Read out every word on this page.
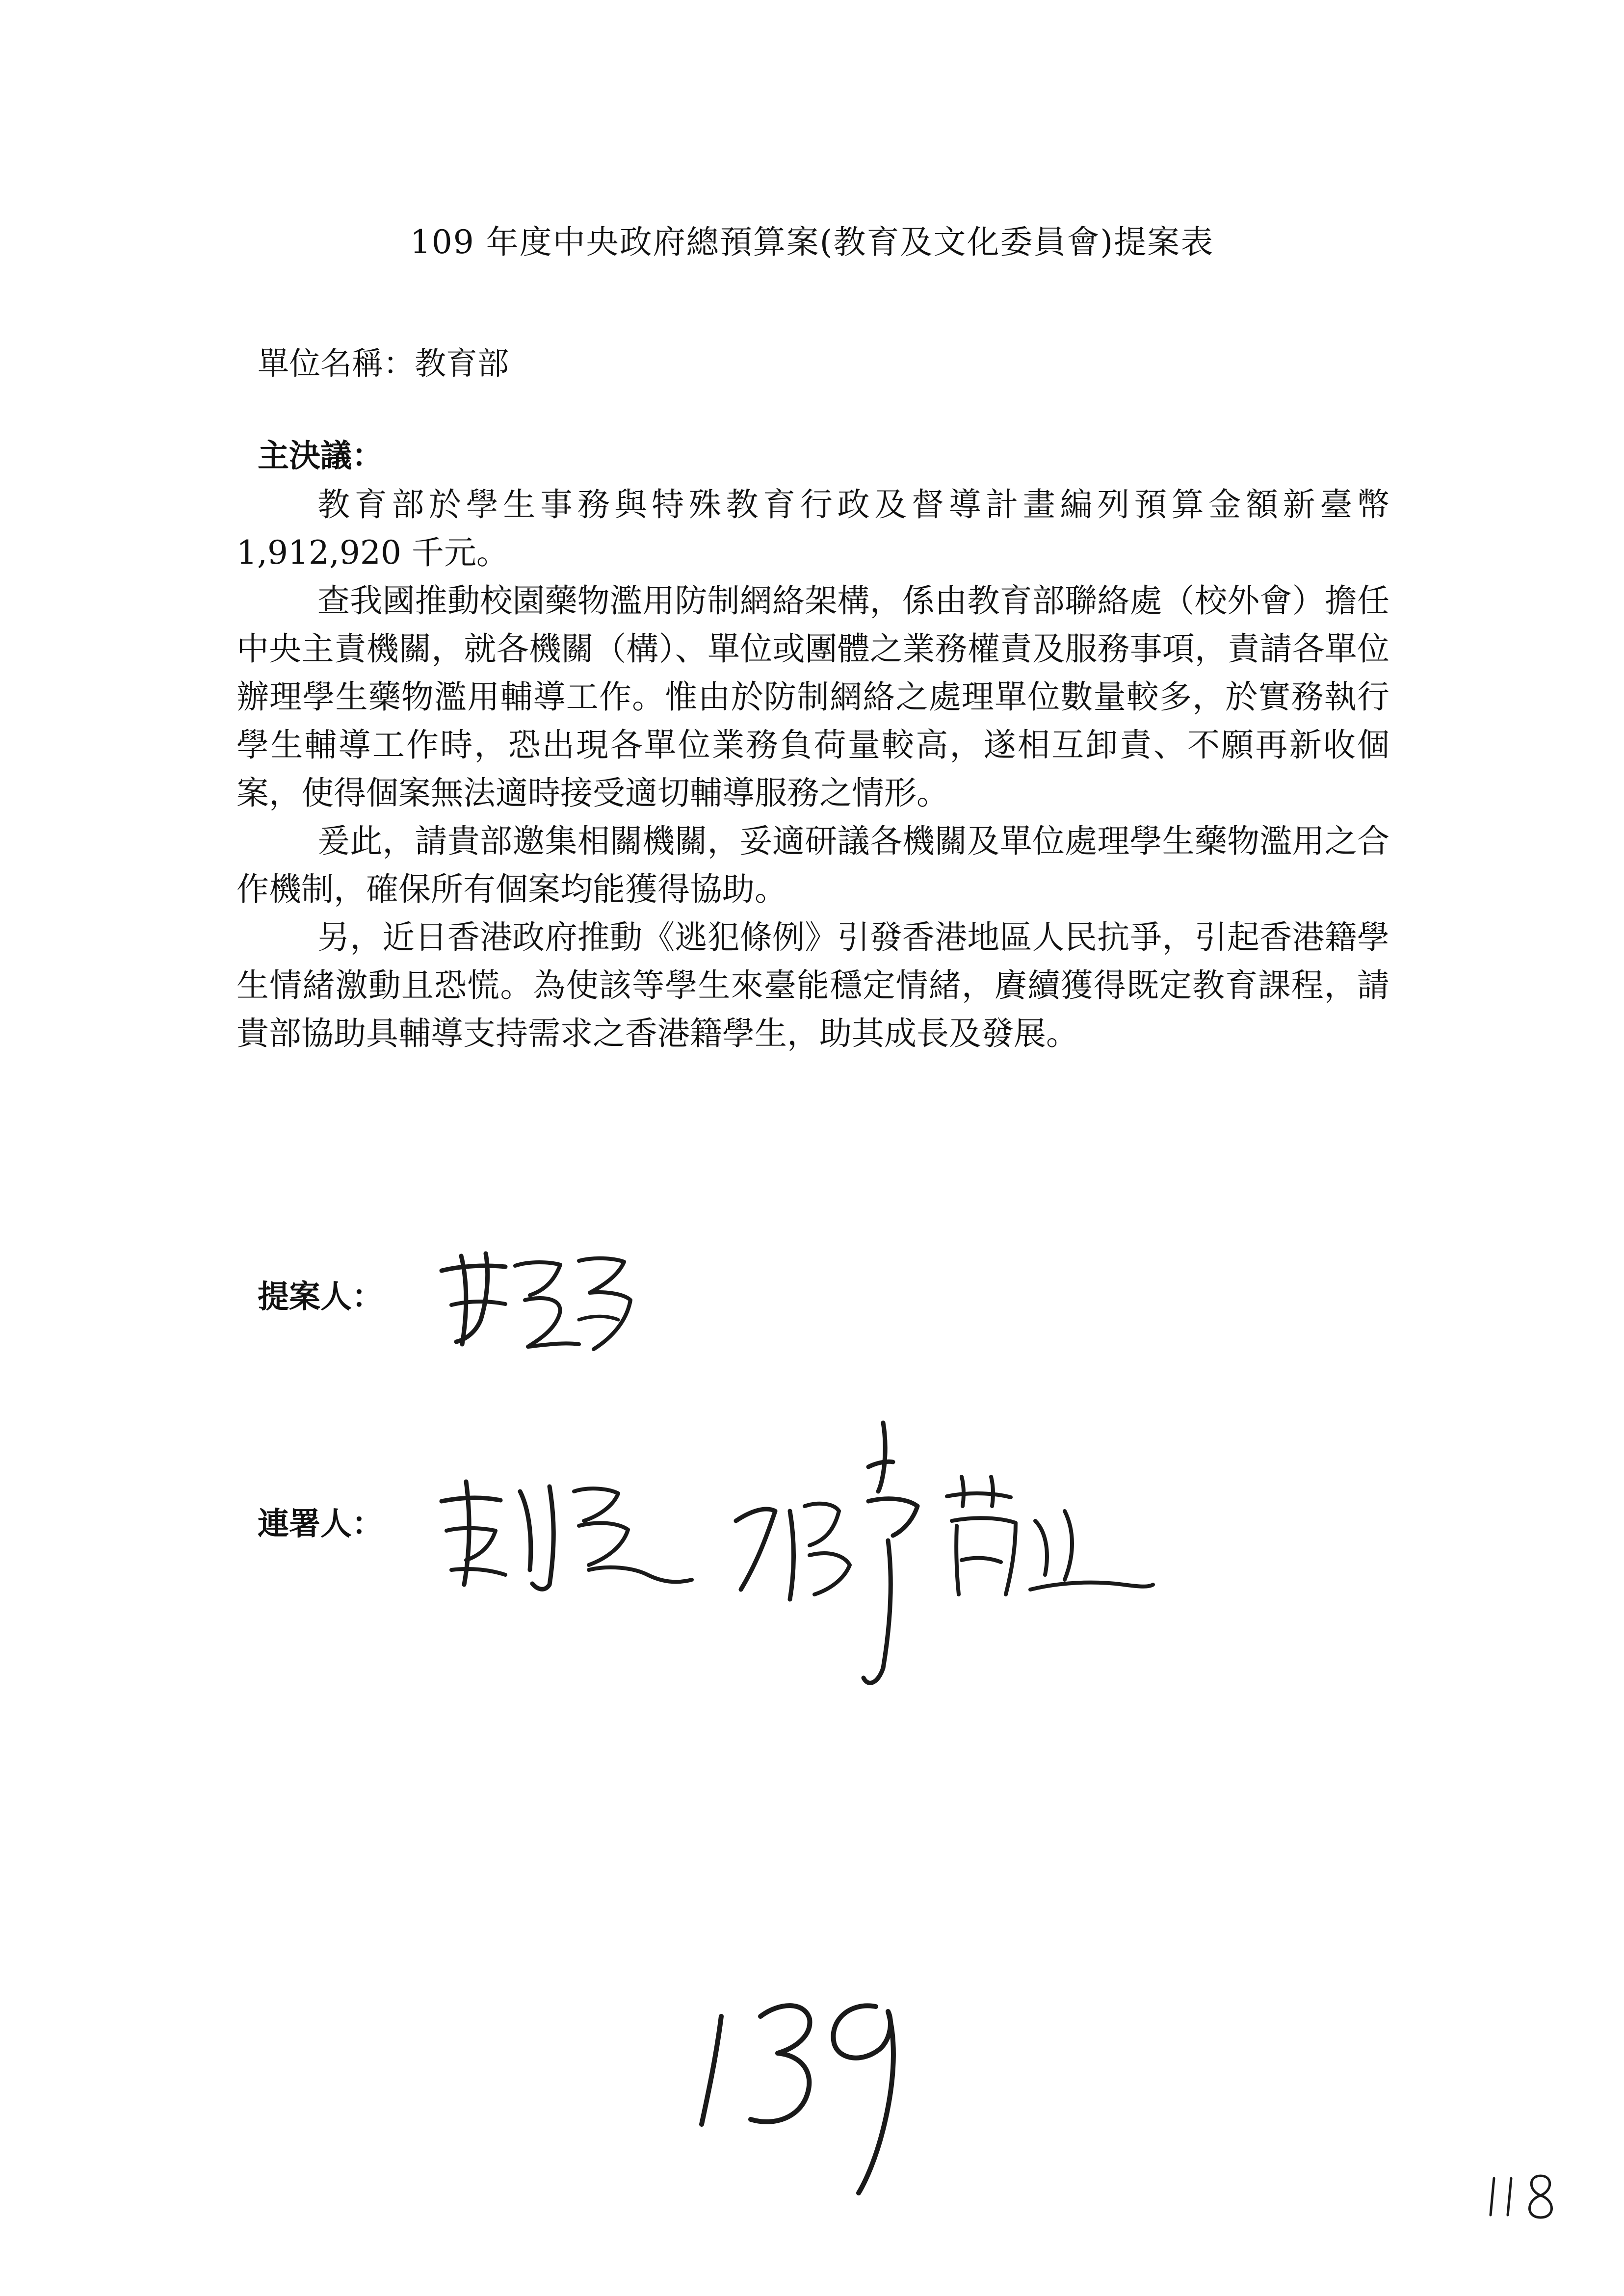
109 年度中央政府總預算案(教育及文化委員會)提案表
單位名稱：教育部
主決議：

教育部於學生事務與特殊教育行政及督導計畫編列預算金額新臺幣 1,912,920 千元。

查我國推動校園藥物濫用防制網絡架構，係由教育部聯絡處（校外會）擔任中央主責機關，就各機關（構）、單位或團體之業務權責及服務事項，責請各單位辦理學生藥物濫用輔導工作。惟由於防制網絡之處理單位數量較多，於實務執行學生輔導工作時，恐出現各單位業務負荷量較高，遂相互卸責、不願再新收個案，使得個案無法適時接受適切輔導服務之情形。

爰此，請貴部邀集相關機關，妥適研議各機關及單位處理學生藥物濫用之合作機制，確保所有個案均能獲得協助。

另，近日香港政府推動《逃犯條例》引發香港地區人民抗爭，引起香港籍學生情緒激動且恐慌。為使該等學生來臺能穩定情緒，賡續獲得既定教育課程，請貴部協助具輔導支持需求之香港籍學生，助其成長及發展。

提案人：
連署人：
